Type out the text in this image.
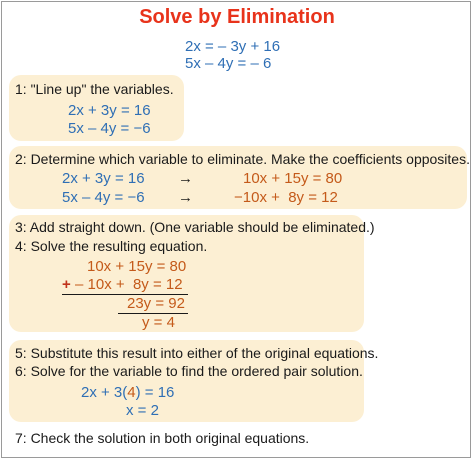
Solve by Elimination
2x = – 3y + 16
5x – 4y = – 6
1: "Line up" the variables.
2x + 3y = 16
5x – 4y = −6
2: Determine which variable to eliminate. Make the coefficients opposites.
2x + 3y = 16
5x – 4y = −6
→
→
10x + 15y = 80
−10x +  8y = 12
3: Add straight down. (One variable should be eliminated.)
4: Solve the resulting equation.
10x + 15y = 80
+ – 10x +  8y = 12
23y = 92
y = 4
5: Substitute this result into either of the original equations.
6: Solve for the variable to find the ordered pair solution.
2x + 3(4) = 16
x = 2
7: Check the solution in both original equations.
